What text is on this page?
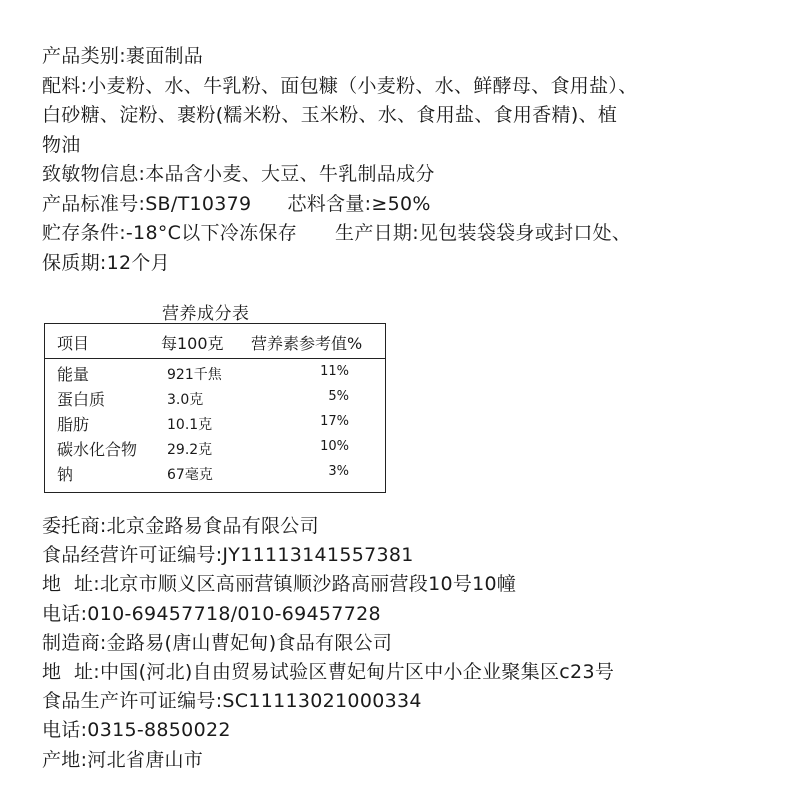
产品类别:裹面制品
配料:小麦粉、水、牛乳粉、面包糠（小麦粉、水、鲜酵母、食用盐）、
白砂糖、淀粉、裹粉(糯米粉、玉米粉、水、食用盐、食用香精)、植
物油
致敏物信息:本品含小麦、大豆、牛乳制品成分
产品标准号:SB/T10379 芯料含量:≥50%
贮存条件:-18°C以下冷冻保存 生产日期:见包装袋袋身或封口处、
保质期:12个月
营养成分表
项目	每100克 营养素参考值%
能量	921千焦	11%
蛋白质	3.0克	5%
脂肪	10.1克	17%
碳水化合物 29.2克	10%
钠	67毫克	3%
委托商:北京金路易食品有限公司
食品经营许可证编号:JY11113141557381
地  址:北京市顺义区高丽营镇顺沙路高丽营段10号10幢
电话:010-69457718/010-69457728
制造商:金路易(唐山曹妃甸)食品有限公司
地  址:中国(河北)自由贸易试验区曹妃甸片区中小企业聚集区c23号
食品生产许可证编号:SC11113021000334
电话:0315-8850022
产地:河北省唐山市
